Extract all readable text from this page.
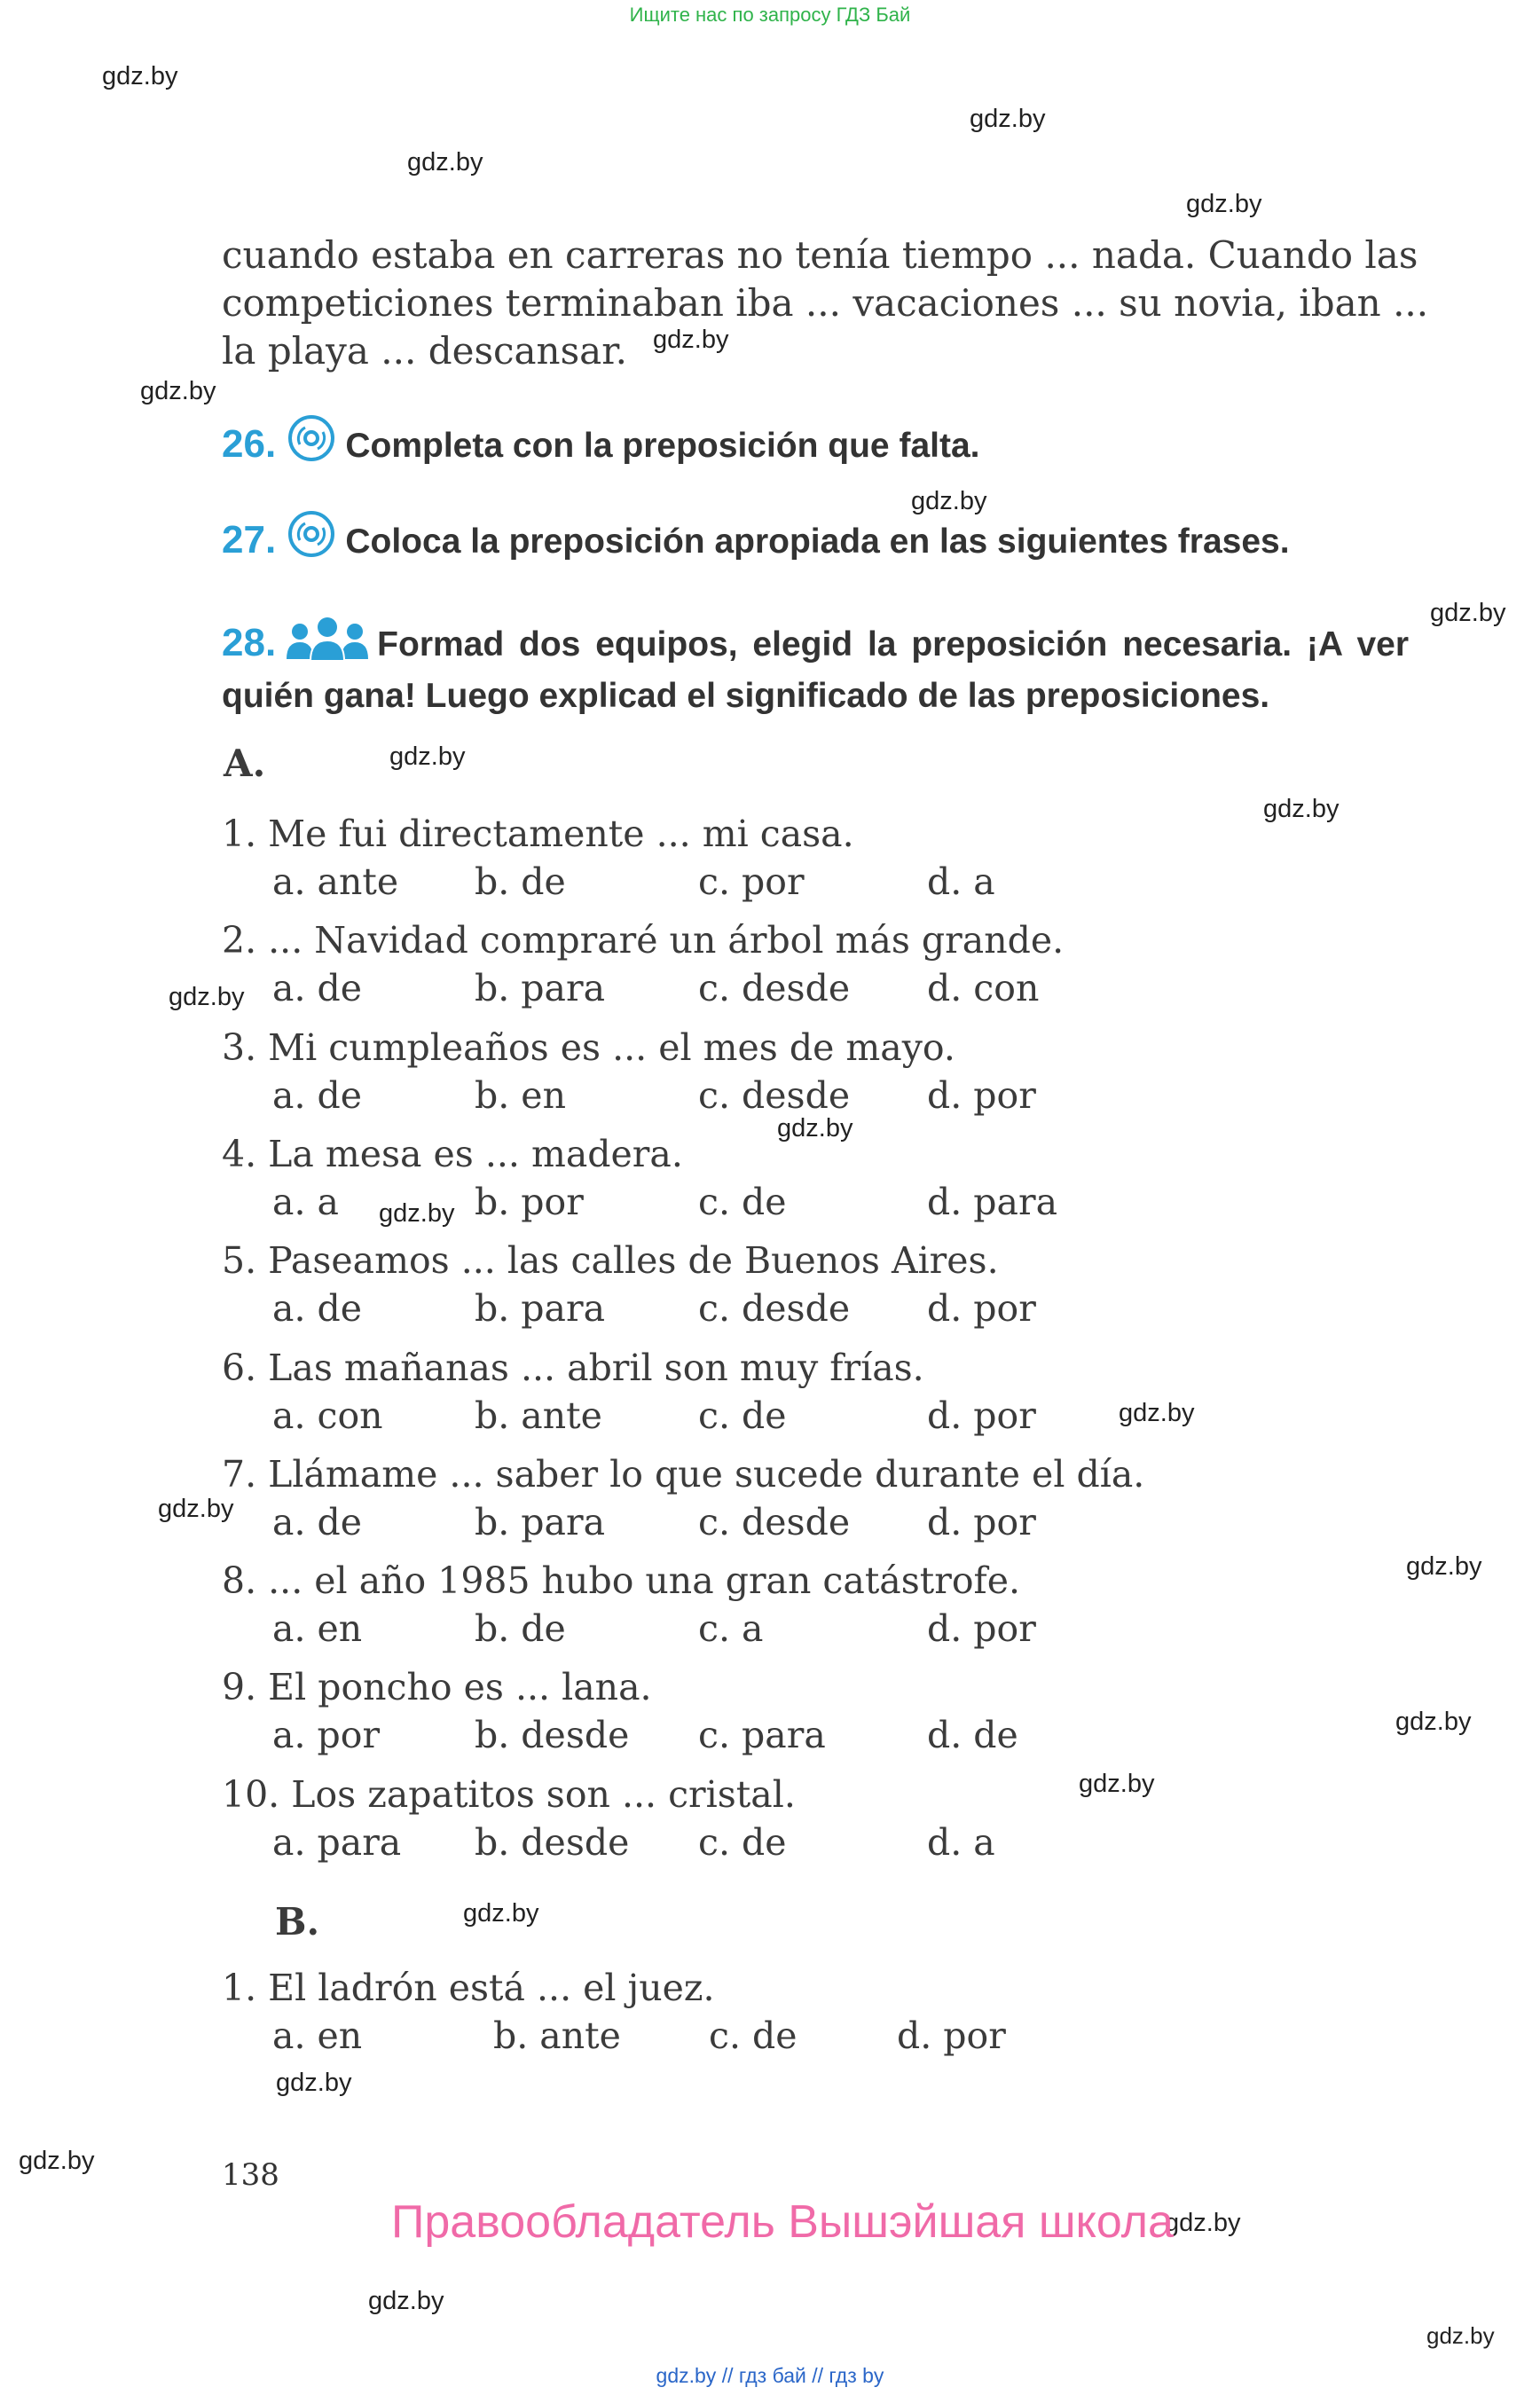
Ищите нас по запросу ГДЗ Бай
gdz.by
gdz.by
gdz.by
gdz.by
gdz.by
gdz.by
gdz.by
gdz.by
gdz.by
gdz.by
gdz.by
gdz.by
gdz.by
gdz.by
gdz.by
gdz.by
gdz.by
gdz.by
gdz.by
gdz.by
gdz.by
gdz.by
gdz.by
gdz.by
cuando estaba en carreras no tenía tiempo ... nada. Cuando las
competiciones terminaban iba ... vacaciones ... su novia, iban ...
la playa ... descansar.
26. Completa con la preposición que falta.
27. Coloca la preposición apropiada en las siguientes frases.
28.	Formad dos equipos, elegid la preposición necesaria. ¡A ver quién gana! Luego explicad el significado de las preposiciones.
A.
1. Me fui directamente ... mi casa.
a. ante b. de	c. por	d. a
2. ... Navidad compraré un árbol más grande.
a. de	b. para	c. desde d. con
3. Mi cumpleaños es ... el mes de mayo.
a. de	b. en	c. desde d. por
4. La mesa es ... madera.
a. a	b. por	c. de	d. para
5. Paseamos ... las calles de Buenos Aires.
a. de	b. para	c. desde d. por
6. Las mañanas ... abril son muy frías.
a. con	b. ante	c. de	d. por
7. Llámame ... saber lo que sucede durante el día.
a. de	b. para	c. desde d. por
8. ... el año 1985 hubo una gran catástrofe.
a. en	b. de	c. a	d. por
9. El poncho es ... lana.
a. por	b. desde c. para	d. de
10. Los zapatitos son ... cristal.
a. para b. desde c. de	d. a
B.
1. El ladrón está ... el juez.
a. en	b. ante c. de	d. por
138
Правообладатель Вышэйшая школа
gdz.by // гдз бай // гдз by
